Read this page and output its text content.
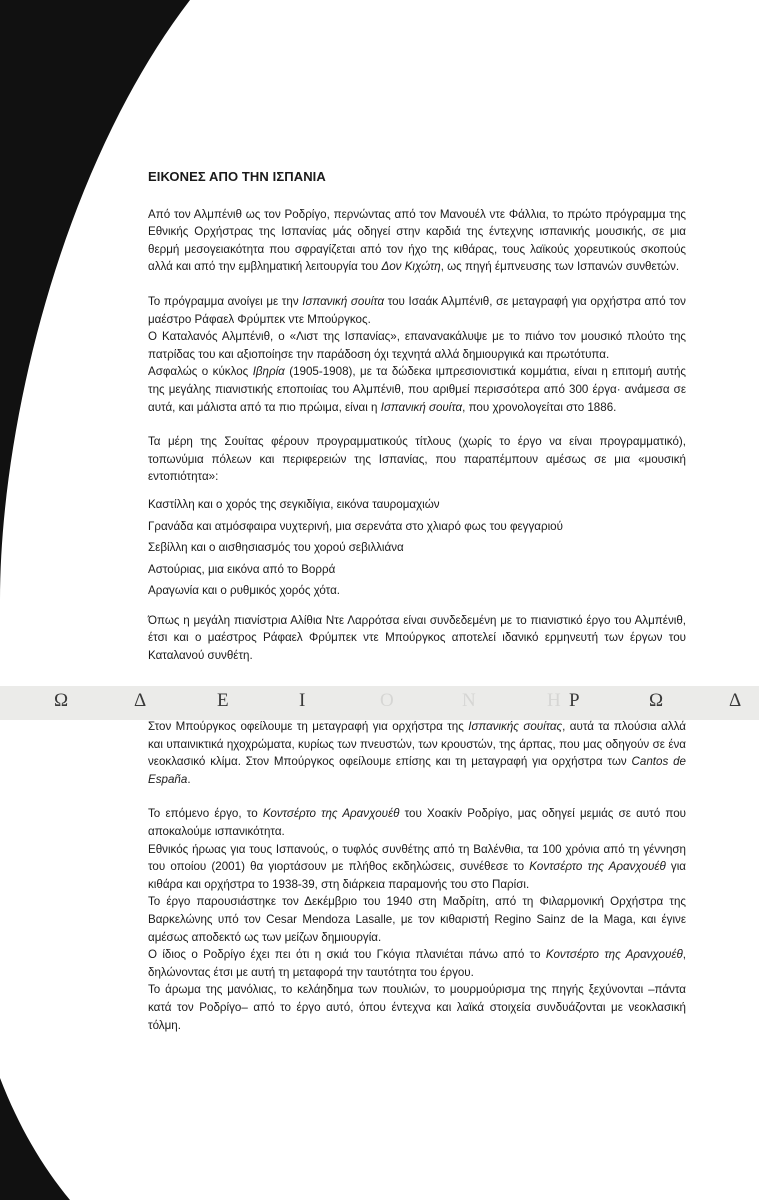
Ω	Δ	Ε	Ι	Ο	Ν	Η Ρ	Ω	Δ
ΕΙΚΟΝΕΣ ΑΠΟ ΤΗΝ ΙΣΠΑΝΙΑ

Από τον Αλμπένιθ ως τον Ροδρίγο, περνώντας από τον Μανουέλ ντε Φάλλια, το πρώτο πρόγραμμα της Εθνικής Ορχήστρας της Ισπανίας μάς οδηγεί στην καρδιά της έντεχνης ισπανικής μουσικής, σε μια θερμή μεσογειακότητα που σφραγίζεται από τον ήχο της κιθάρας, τους λαϊκούς χορευτικούς σκοπούς αλλά και από την εμβληματική λειτουργία του Δον Κιχώτη, ως πηγή έμπνευσης των Ισπανών συνθετών.

Το πρόγραμμα ανοίγει με την Ισπανική σουίτα του Ισαάκ Αλμπένιθ, σε μεταγραφή για ορχήστρα από τον μαέστρο Ράφαελ Φρύμπεκ ντε Μπούργκος.

Ο Καταλανός Αλμπένιθ, ο «Λιστ της Ισπανίας», επανανακάλυψε με το πιάνο τον μουσικό πλούτο της πατρίδας του και αξιοποίησε την παράδοση όχι τεχνητά αλλά δημιουργικά και πρωτότυπα.

Ασφαλώς ο κύκλος Ιβηρία (1905-1908), με τα δώδεκα ιμπρεσιονιστικά κομμάτια, είναι η επιτομή αυτής της μεγάλης πιανιστικής εποποιίας του Αλμπένιθ, που αριθμεί περισσότερα από 300 έργα· ανάμεσα σε αυτά, και μάλιστα από τα πιο πρώιμα, είναι η Ισπανική σουίτα, που χρονολογείται στο 1886.

Τα μέρη της Σουίτας φέρουν προγραμματικούς τίτλους (χωρίς το έργο να είναι προγραμματικό), τοπωνύμια πόλεων και περιφερειών της Ισπανίας, που παραπέμπουν αμέσως σε μια «μουσική εντοπιότητα»:

Καστίλλη και ο χορός της σεγκιδίγια, εικόνα ταυρομαχιών
Γρανάδα και ατμόσφαιρα νυχτερινή, μια σερενάτα στο χλιαρό φως του φεγγαριού
Σεβίλλη και ο αισθησιασμός του χορού σεβιλλιάνα
Αστούριας, μια εικόνα από το Βορρά
Αραγωνία και ο ρυθμικός χορός χότα.

Όπως η μεγάλη πιανίστρια Αλίθια Ντε Λαρρότσα είναι συνδεδεμένη με το πιανιστικό έργο του Αλμπένιθ, έτσι και ο μαέστρος Ράφαελ Φρύμπεκ ντε Μπούργκος αποτελεί ιδανικό ερμηνευτή των έργων του Καταλανού συνθέτη.

Στον Μπούργκος οφείλουμε τη μεταγραφή για ορχήστρα της Ισπανικής σουίτας, αυτά τα πλούσια αλλά και υπαινικτικά ηχοχρώματα, κυρίως των πνευστών, των κρουστών, της άρπας, που μας οδηγούν σε ένα νεοκλασικό κλίμα. Στον Μπούργκος οφείλουμε επίσης και τη μεταγραφή για ορχήστρα των Cantos de España.

Το επόμενο έργο, το Κοντσέρτο της Αρανχουέθ του Χοακίν Ροδρίγο, μας οδηγεί μεμιάς σε αυτό που αποκαλούμε ισπανικότητα.

Εθνικός ήρωας για τους Ισπανούς, ο τυφλός συνθέτης από τη Βαλένθια, τα 100 χρόνια από τη γέννηση του οποίου (2001) θα γιορτάσουν με πλήθος εκδηλώσεις, συνέθεσε το Κοντσέρτο της Αρανχουέθ για κιθάρα και ορχήστρα το 1938-39, στη διάρκεια παραμονής του στο Παρίσι.

Το έργο παρουσιάστηκε τον Δεκέμβριο του 1940 στη Μαδρίτη, από τη Φιλαρμονική Ορχήστρα της Βαρκελώνης υπό τον Cesar Mendoza Lasalle, με τον κιθαριστή Regino Sainz de la Maga, και έγινε αμέσως αποδεκτό ως των μείζων δημιουργία.

Ο ίδιος ο Ροδρίγο έχει πει ότι η σκιά του Γκόγια πλανιέται πάνω από το Κοντσέρτο της Αρανχουέθ, δηλώνοντας έτσι με αυτή τη μεταφορά την ταυτότητα του έργου.

Το άρωμα της μανόλιας, το κελάηδημα των πουλιών, το μουρμούρισμα της πηγής ξεχύνονται –πάντα κατά τον Ροδρίγο– από το έργο αυτό, όπου έντεχνα και λαϊκά στοιχεία συνδυάζονται με νεοκλασική τόλμη.
